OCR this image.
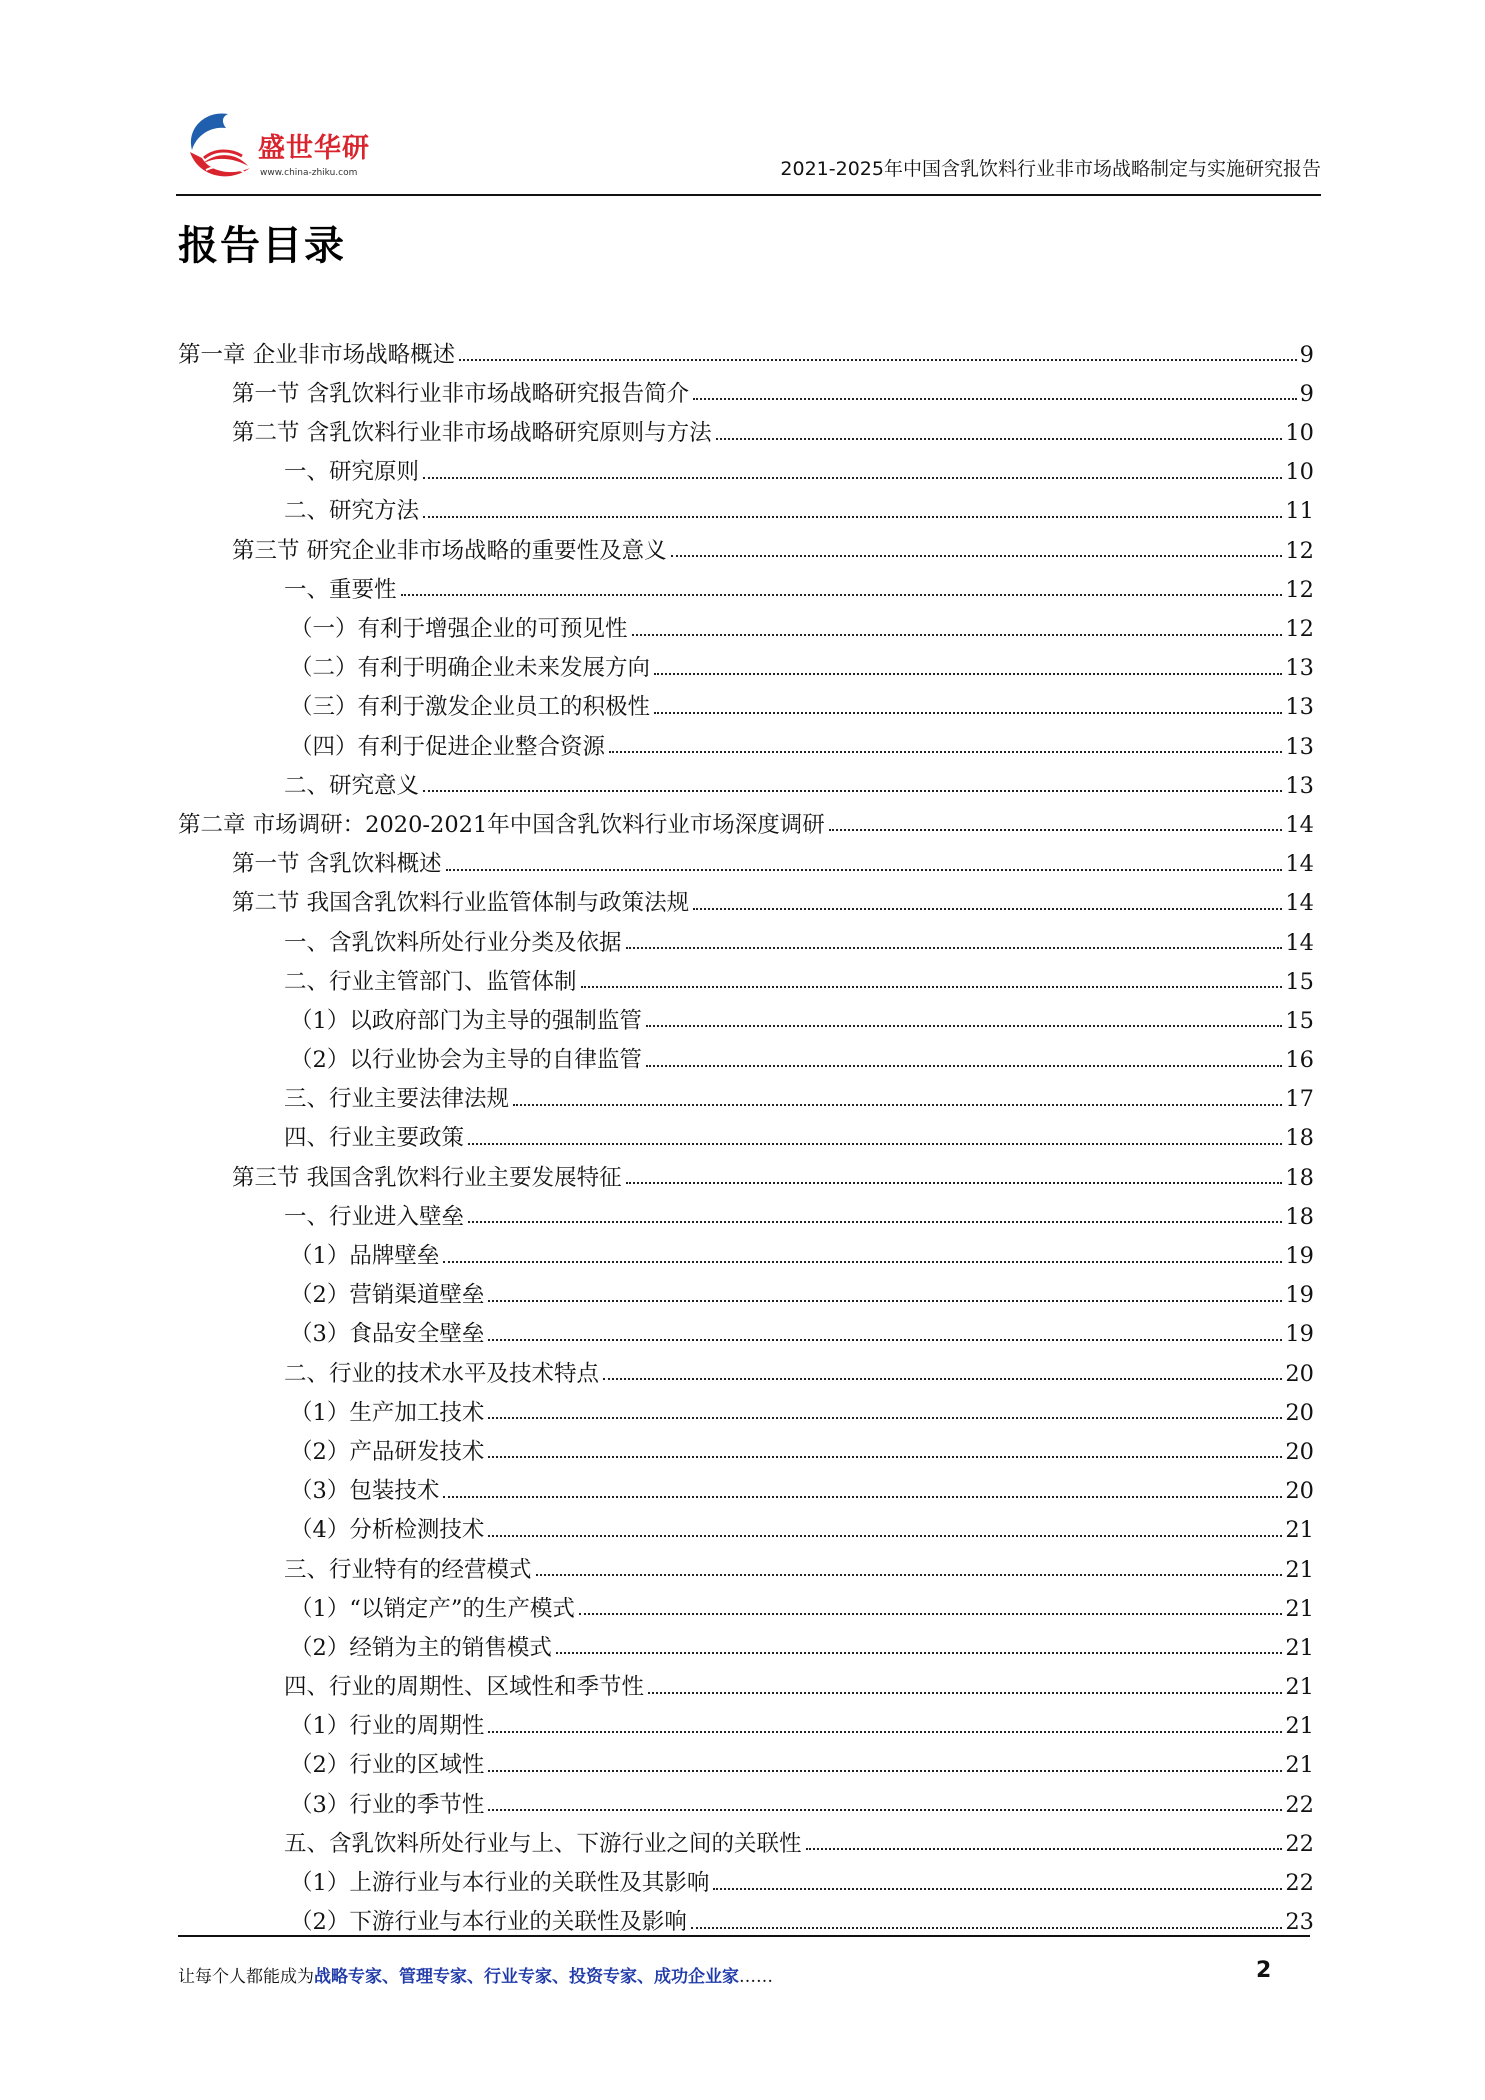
盛世华研
www.china-zhiku.com	2021-2025年中国含乳饮料行业非市场战略制定与实施研究报告
报告目录
第一章 企业非市场战略概述	9
第一节 含乳饮料行业非市场战略研究报告简介	9
第二节 含乳饮料行业非市场战略研究原则与方法	10
一、研究原则	10
二、研究方法	11
第三节 研究企业非市场战略的重要性及意义	12
一、重要性	12
（一）有利于增强企业的可预见性	12
（二）有利于明确企业未来发展方向	13
（三）有利于激发企业员工的积极性	13
（四）有利于促进企业整合资源	13
二、研究意义	13
第二章 市场调研：2020-2021年中国含乳饮料行业市场深度调研	14
第一节 含乳饮料概述	14
第二节 我国含乳饮料行业监管体制与政策法规	14
一、含乳饮料所处行业分类及依据	14
二、行业主管部门、监管体制	15
（1）以政府部门为主导的强制监管	15
（2）以行业协会为主导的自律监管	16
三、行业主要法律法规	17
四、行业主要政策	18
第三节 我国含乳饮料行业主要发展特征	18
一、行业进入壁垒	18
（1）品牌壁垒	19
（2）营销渠道壁垒	19
（3）食品安全壁垒	19
二、行业的技术水平及技术特点	20
（1）生产加工技术	20
（2）产品研发技术	20
（3）包装技术	20
（4）分析检测技术	21
三、行业特有的经营模式	21
（1）“以销定产”的生产模式	21
（2）经销为主的销售模式	21
四、行业的周期性、区域性和季节性	21
（1）行业的周期性	21
（2）行业的区域性	21
（3）行业的季节性	22
五、含乳饮料所处行业与上、下游行业之间的关联性	22
（1）上游行业与本行业的关联性及其影响	22
（2）下游行业与本行业的关联性及影响	23
让每个人都能成为战略专家、管理专家、行业专家、投资专家、成功企业家……	2
